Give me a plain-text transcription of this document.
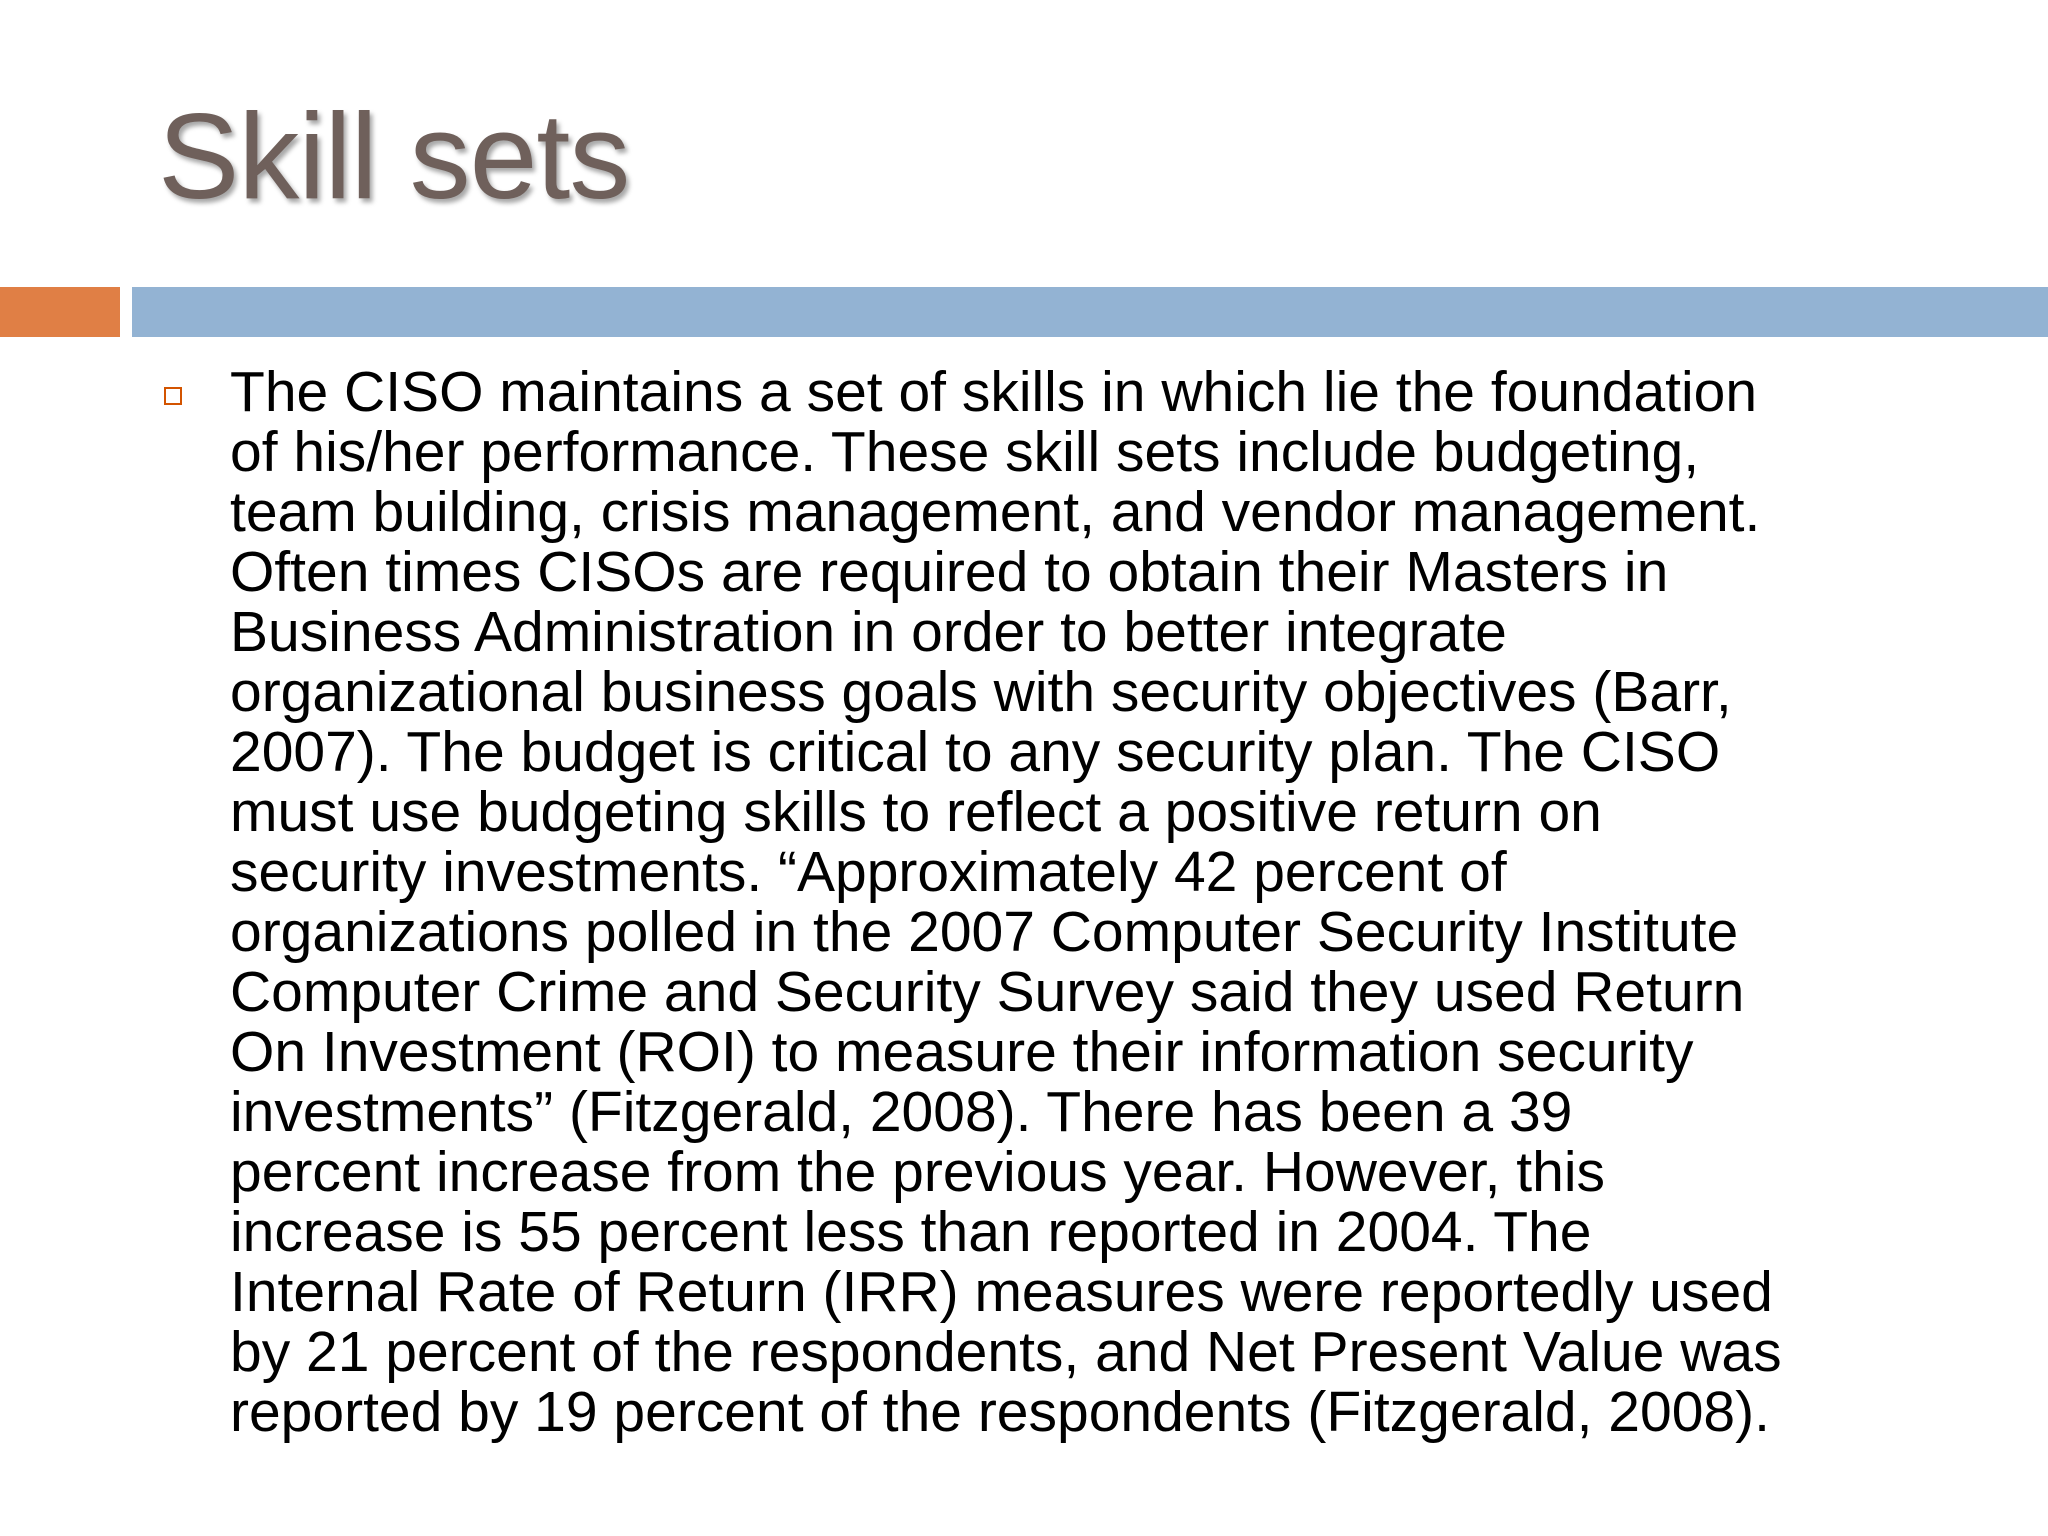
Skill sets
The CISO maintains a set of skills in which lie the foundation
of his/her performance. These skill sets include budgeting,
team building, crisis management, and vendor management.
Often times CISOs are required to obtain their Masters in
Business Administration in order to better integrate
organizational business goals with security objectives (Barr,
2007). The budget is critical to any security plan. The CISO
must use budgeting skills to reflect a positive return on
security investments. “Approximately 42 percent of
organizations polled in the 2007 Computer Security Institute
Computer Crime and Security Survey said they used Return
On Investment (ROI) to measure their information security
investments” (Fitzgerald, 2008). There has been a 39
percent increase from the previous year. However, this
increase is 55 percent less than reported in 2004. The
Internal Rate of Return (IRR) measures were reportedly used
by 21 percent of the respondents, and Net Present Value was
reported by 19 percent of the respondents (Fitzgerald, 2008).
